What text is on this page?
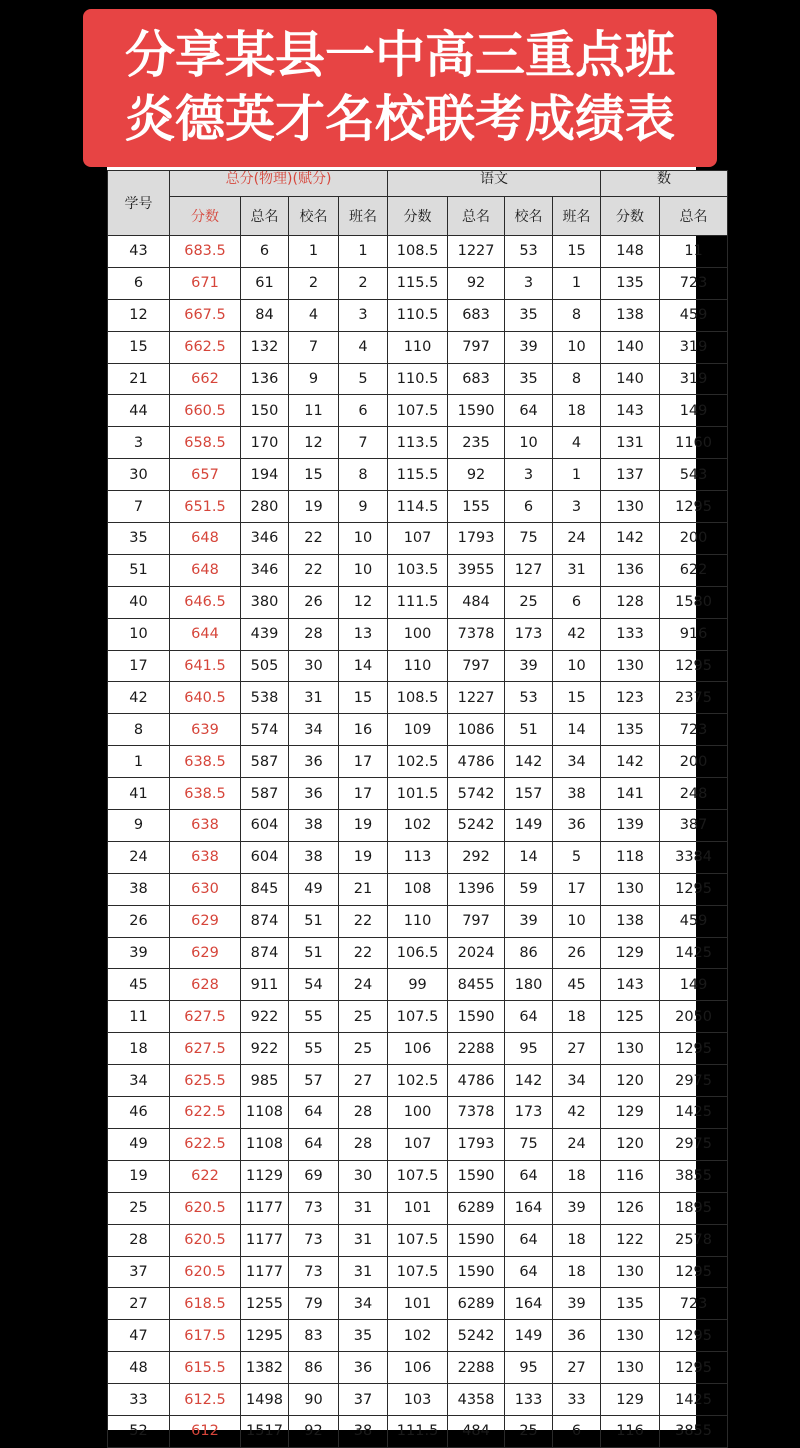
学号	总分(物理)(赋分)				语文				数	
	分数	总名	校名	班名	分数	总名	校名	班名	分数	总名
43	683.5	6	1	1	108.5	1227	53	15	148	11
6	671	61	2	2	115.5	92	3	1	135	723
12	667.5	84	4	3	110.5	683	35	8	138	459
15	662.5	132	7	4	110	797	39	10	140	319
21	662	136	9	5	110.5	683	35	8	140	319
44	660.5	150	11	6	107.5	1590	64	18	143	149
3	658.5	170	12	7	113.5	235	10	4	131	1160
30	657	194	15	8	115.5	92	3	1	137	543
7	651.5	280	19	9	114.5	155	6	3	130	1295
35	648	346	22	10	107	1793	75	24	142	200
51	648	346	22	10	103.5	3955	127	31	136	622
40	646.5	380	26	12	111.5	484	25	6	128	1580
10	644	439	28	13	100	7378	173	42	133	916
17	641.5	505	30	14	110	797	39	10	130	1295
42	640.5	538	31	15	108.5	1227	53	15	123	2375
8	639	574	34	16	109	1086	51	14	135	723
1	638.5	587	36	17	102.5	4786	142	34	142	200
41	638.5	587	36	17	101.5	5742	157	38	141	248
9	638	604	38	19	102	5242	149	36	139	387
24	638	604	38	19	113	292	14	5	118	3384
38	630	845	49	21	108	1396	59	17	130	1295
26	629	874	51	22	110	797	39	10	138	459
39	629	874	51	22	106.5	2024	86	26	129	1425
45	628	911	54	24	99	8455	180	45	143	149
11	627.5	922	55	25	107.5	1590	64	18	125	2050
18	627.5	922	55	25	106	2288	95	27	130	1295
34	625.5	985	57	27	102.5	4786	142	34	120	2975
46	622.5	1108	64	28	100	7378	173	42	129	1425
49	622.5	1108	64	28	107	1793	75	24	120	2975
19	622	1129	69	30	107.5	1590	64	18	116	3855
25	620.5	1177	73	31	101	6289	164	39	126	1895
28	620.5	1177	73	31	107.5	1590	64	18	122	2578
37	620.5	1177	73	31	107.5	1590	64	18	130	1295
27	618.5	1255	79	34	101	6289	164	39	135	723
47	617.5	1295	83	35	102	5242	149	36	130	1295
48	615.5	1382	86	36	106	2288	95	27	130	1295
33	612.5	1498	90	37	103	4358	133	33	129	1425
52	612	1517	92	38	111.5	484	25	6	116	3855
分享某县一中高三重点班
炎德英才名校联考成绩表
